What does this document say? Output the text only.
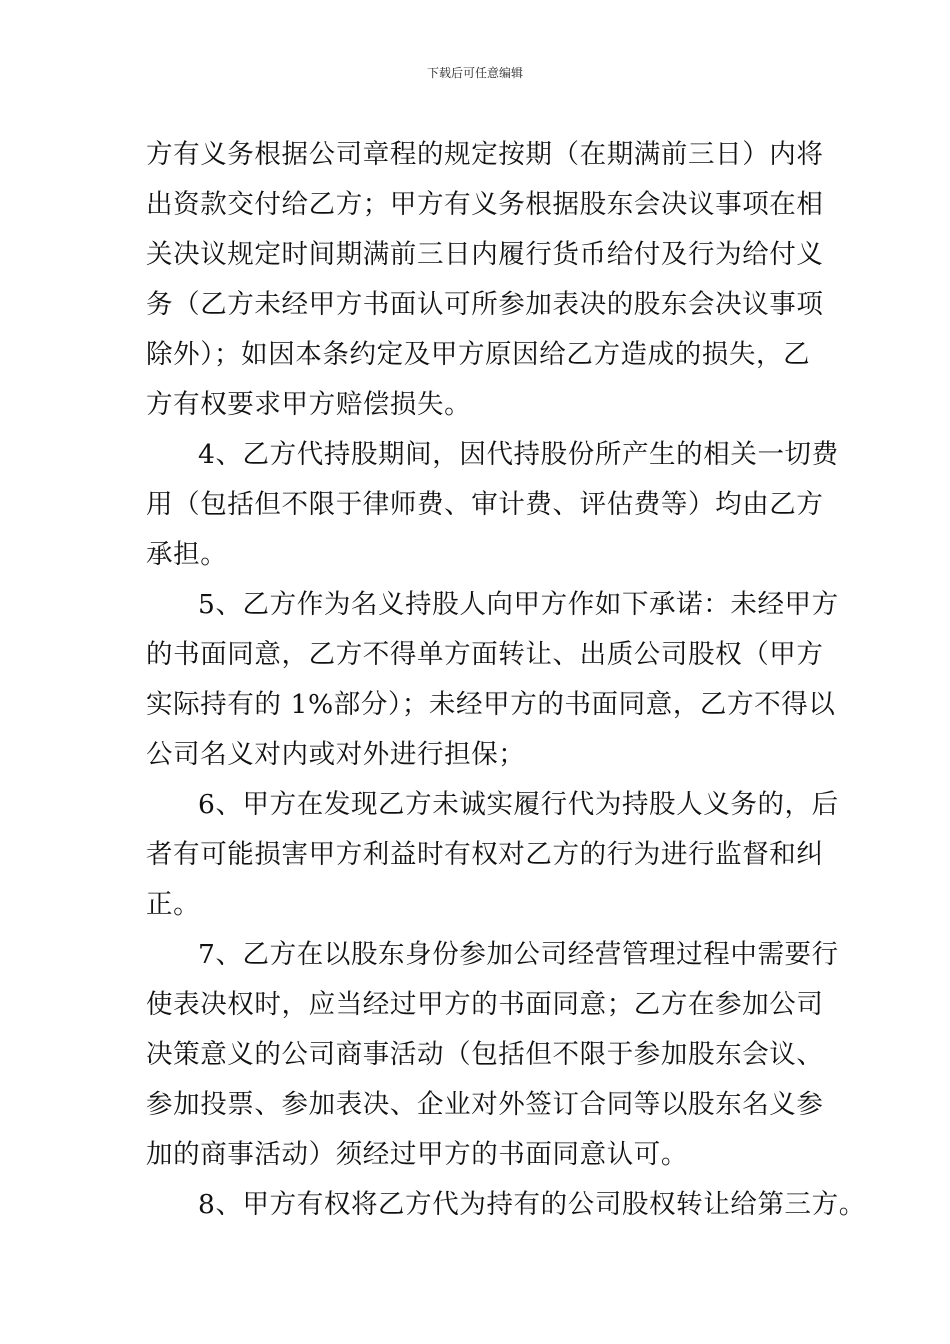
下载后可任意编辑
方有义务根据公司章程的规定按期（在期满前三日）内将
出资款交付给乙方；甲方有义务根据股东会决议事项在相
关决议规定时间期满前三日内履行货币给付及行为给付义
务（乙方未经甲方书面认可所参加表决的股东会决议事项
除外）；如因本条约定及甲方原因给乙方造成的损失，乙
方有权要求甲方赔偿损失。
4、乙方代持股期间，因代持股份所产生的相关一切费
用（包括但不限于律师费、审计费、评估费等）均由乙方
承担。
5、乙方作为名义持股人向甲方作如下承诺：未经甲方
的书面同意，乙方不得单方面转让、出质公司股权（甲方
实际持有的 1%部分）；未经甲方的书面同意，乙方不得以
公司名义对内或对外进行担保；
6、甲方在发现乙方未诚实履行代为持股人义务的，后
者有可能损害甲方利益时有权对乙方的行为进行监督和纠
正。
7、乙方在以股东身份参加公司经营管理过程中需要行
使表决权时，应当经过甲方的书面同意；乙方在参加公司
决策意义的公司商事活动（包括但不限于参加股东会议、
参加投票、参加表决、企业对外签订合同等以股东名义参
加的商事活动）须经过甲方的书面同意认可。
8、甲方有权将乙方代为持有的公司股权转让给第三方。
